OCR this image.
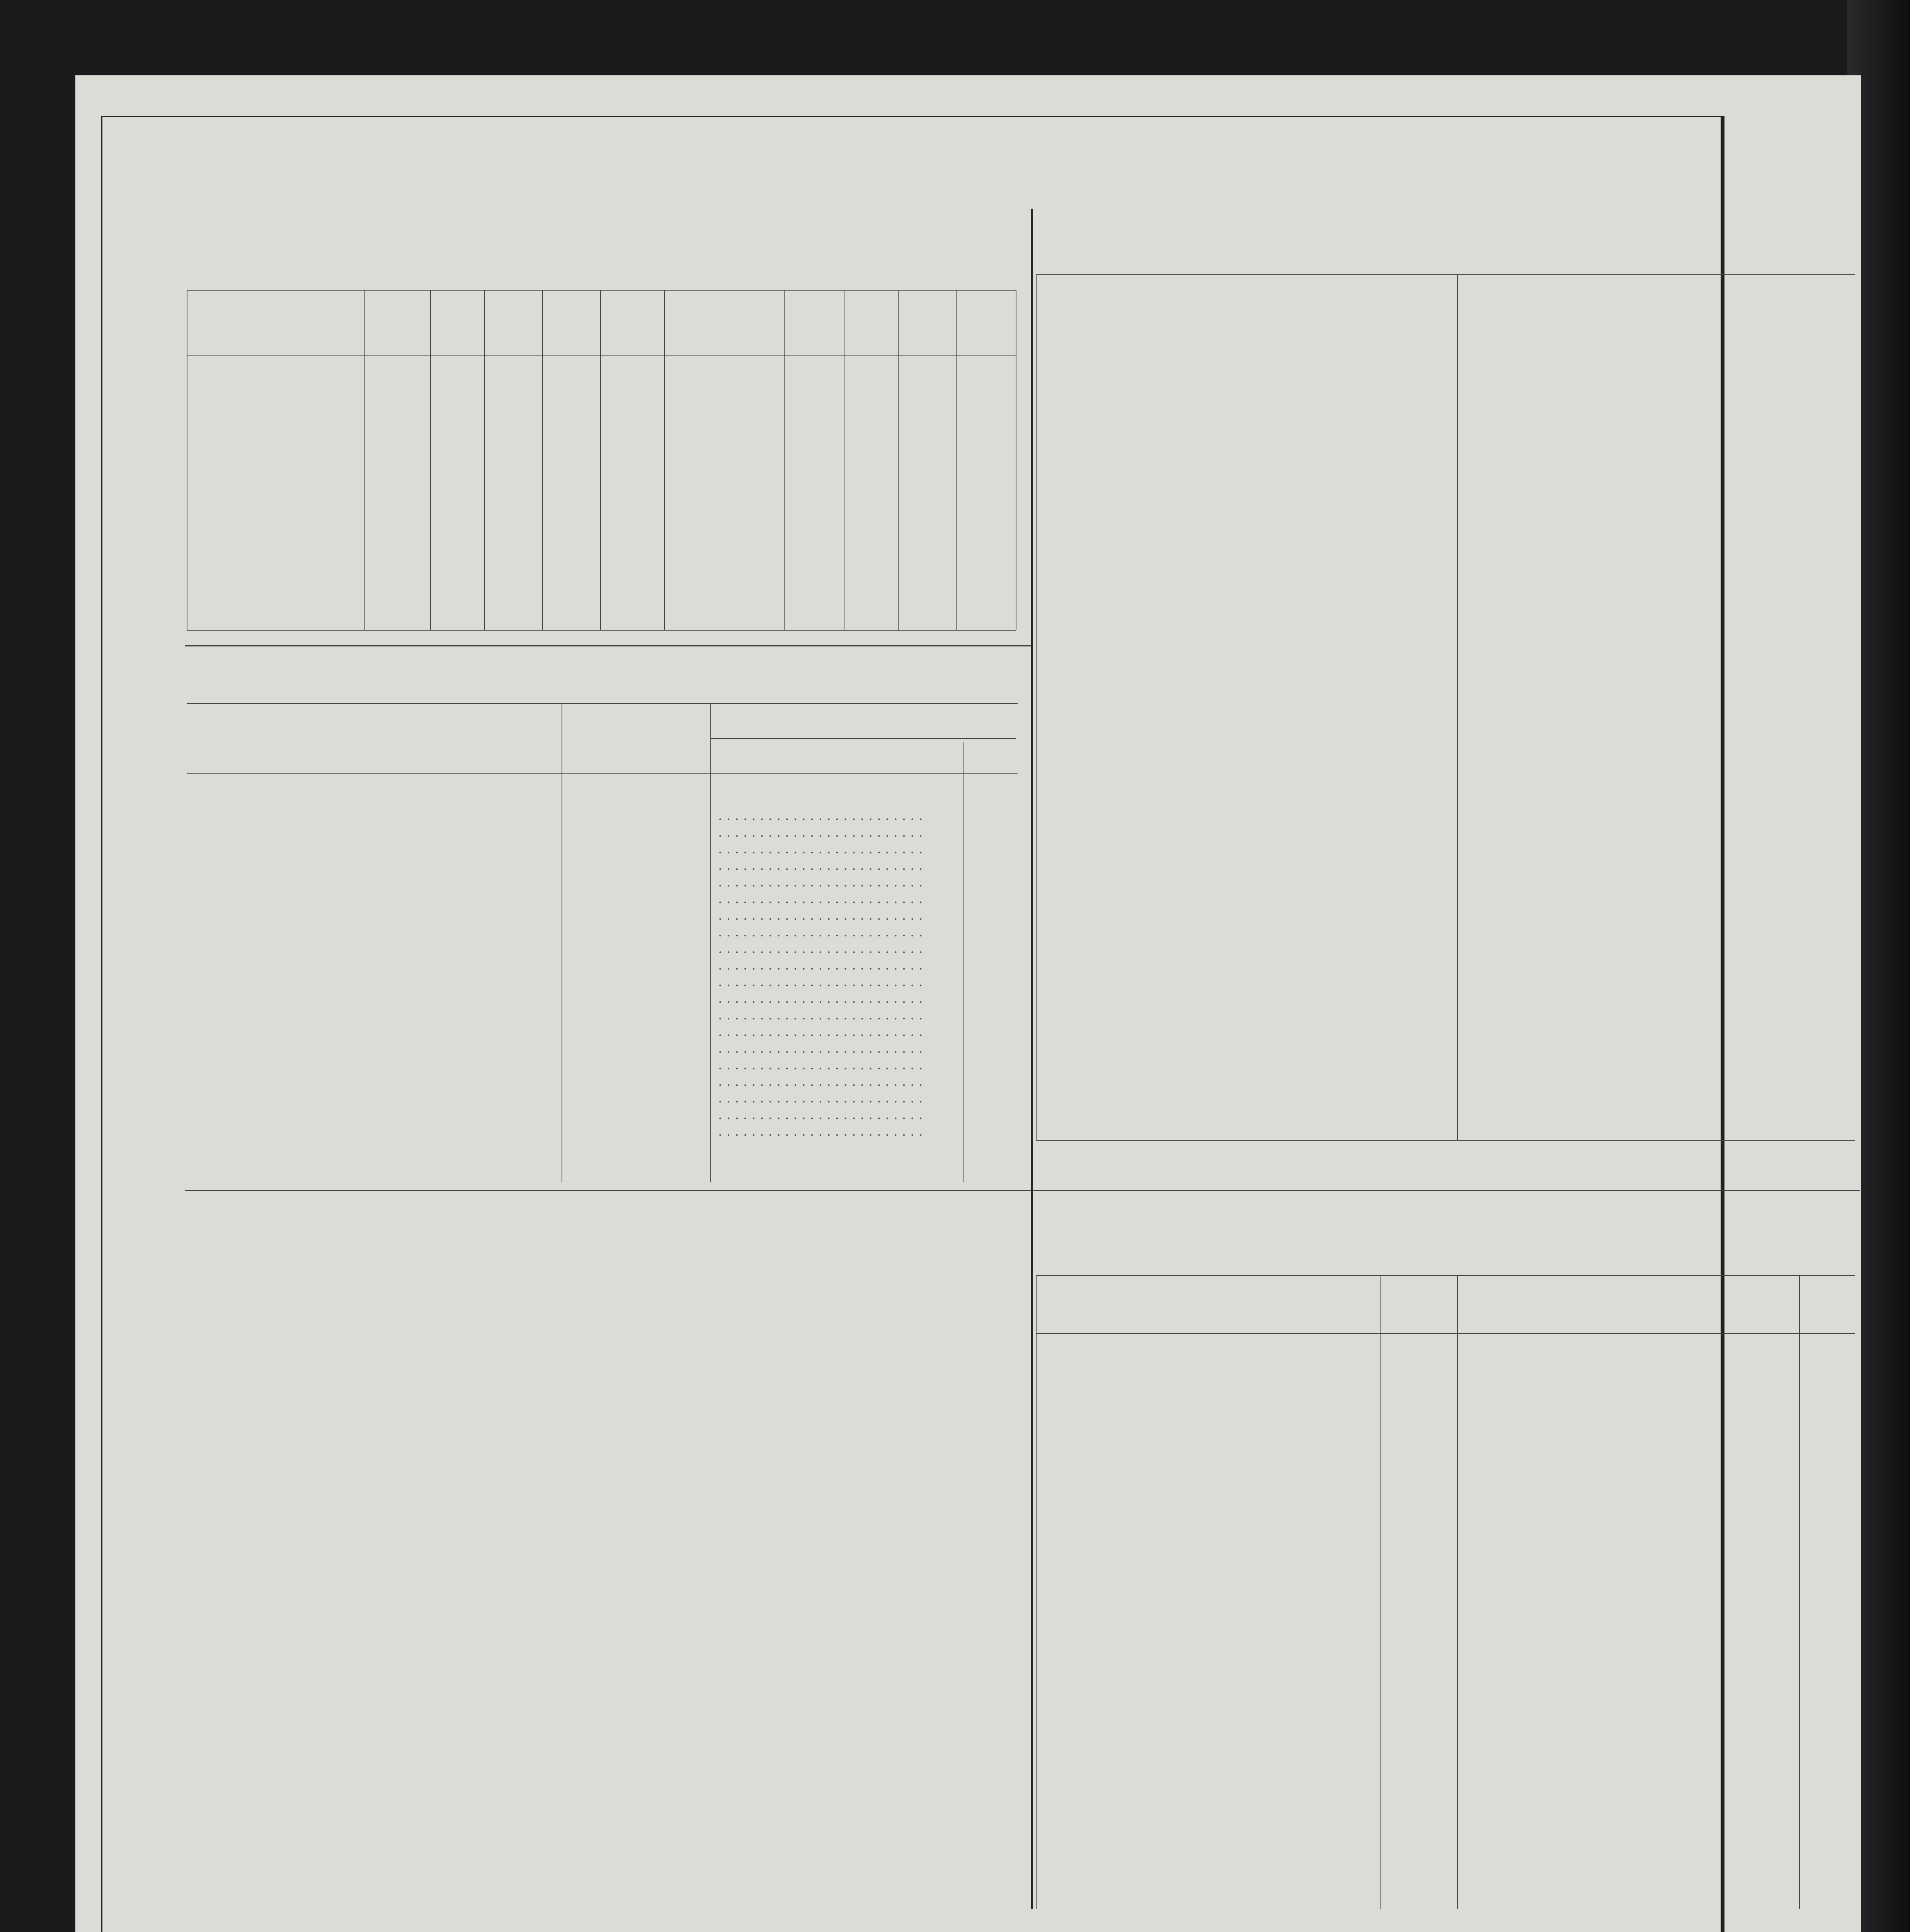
. . . . . . . . . . . . . . . . . . . . . . . . .
. . . . . . . . . . . . . . . . . . . . . . . . .
. . . . . . . . . . . . . . . . . . . . . . . . .
. . . . . . . . . . . . . . . . . . . . . . . . .
. . . . . . . . . . . . . . . . . . . . . . . . .
. . . . . . . . . . . . . . . . . . . . . . . . .
. . . . . . . . . . . . . . . . . . . . . . . . .
. . . . . . . . . . . . . . . . . . . . . . . . .
. . . . . . . . . . . . . . . . . . . . . . . . .
. . . . . . . . . . . . . . . . . . . . . . . . .
. . . . . . . . . . . . . . . . . . . . . . . . .
. . . . . . . . . . . . . . . . . . . . . . . . .
. . . . . . . . . . . . . . . . . . . . . . . . .
. . . . . . . . . . . . . . . . . . . . . . . . .
. . . . . . . . . . . . . . . . . . . . . . . . .
. . . . . . . . . . . . . . . . . . . . . . . . .
. . . . . . . . . . . . . . . . . . . . . . . . .
. . . . . . . . . . . . . . . . . . . . . . . . .
. . . . . . . . . . . . . . . . . . . . . . . . .
. . . . . . . . . . . . . . . . . . . . . . . . .
